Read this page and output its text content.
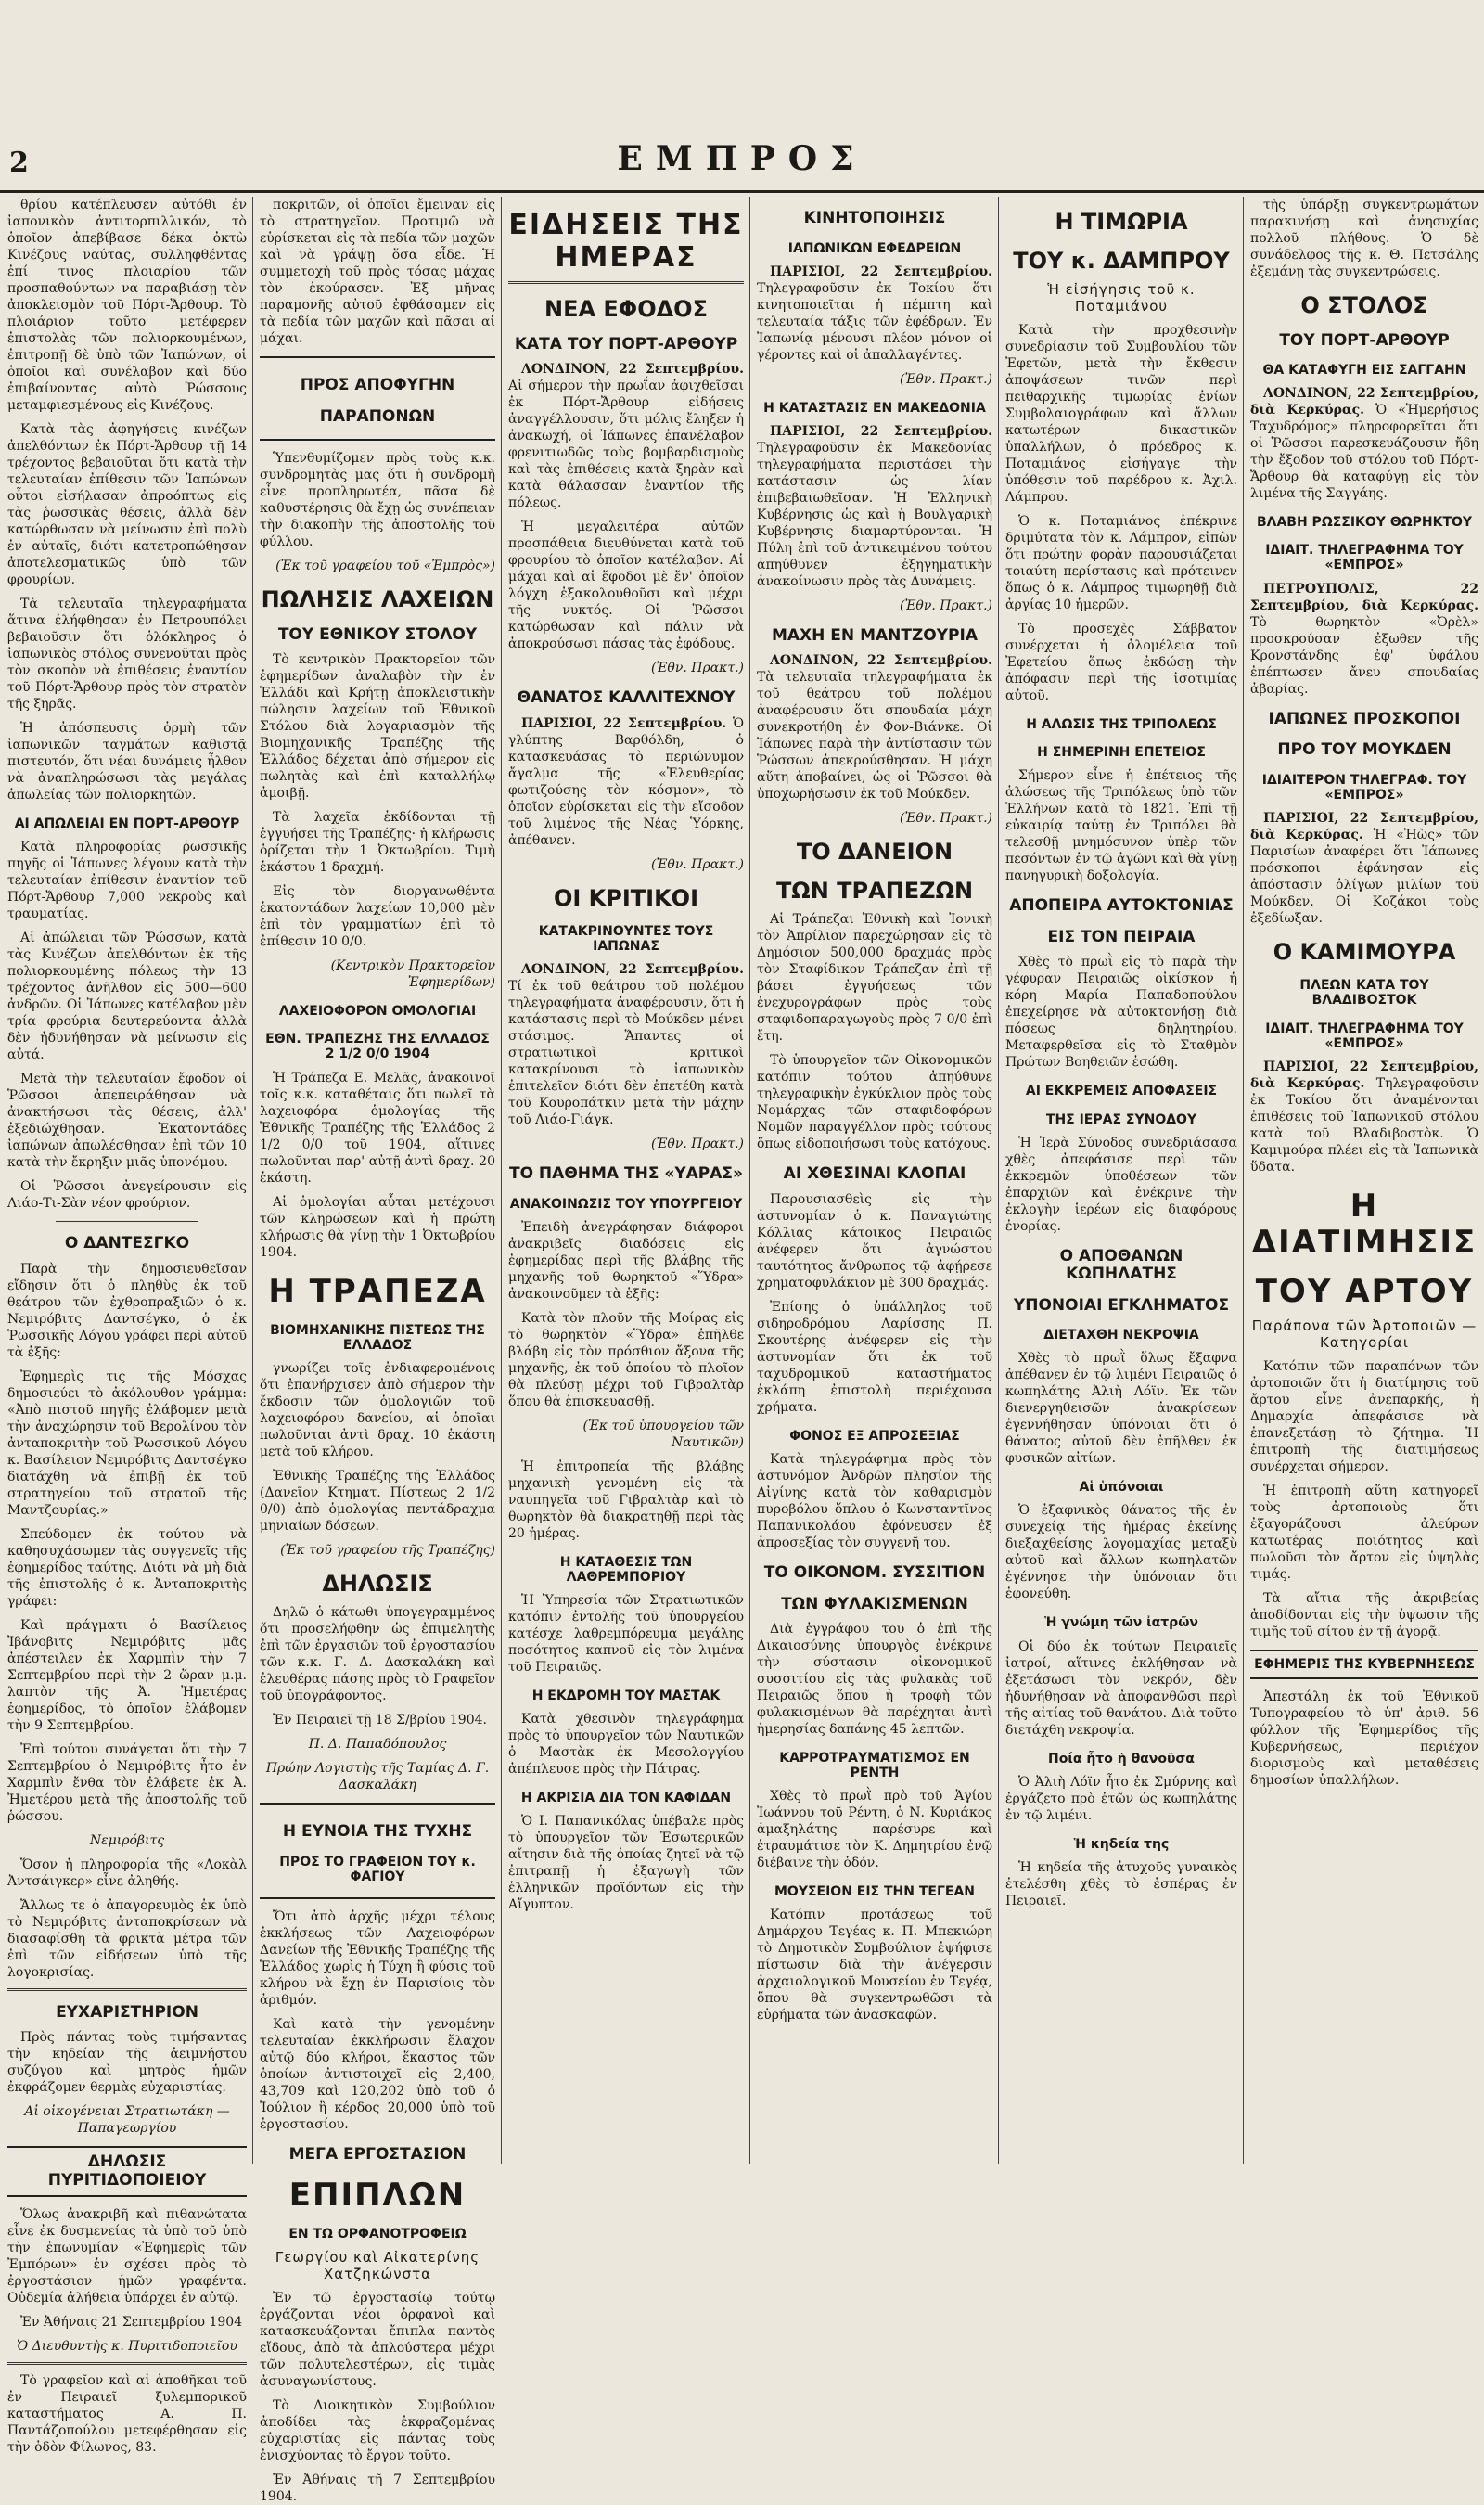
2	ΕΜΠΡΟΣ

θρίου κατέπλευσεν αὐτόθι ἐν ἰαπονικὸν ἀντιτορπιλλικόν, τὸ ὁποῖον ἀπεβίβασε δέκα ὀκτὼ Κινέζους ναύτας, συλληφθέντας ἐπί τινος πλοιαρίου τῶν προσπαθούντων να παραβιάσῃ τὸν ἀποκλεισμὸν τοῦ Πόρτ-Ἄρθουρ. Τὸ πλοιάριον τοῦτο μετέφερεν ἐπιστολὰς τῶν πολιορκουμένων, ἐπιτροπῇ δὲ ὑπὸ τῶν Ἰαπώνων, οἱ ὁποῖοι καὶ συνέλαβον καὶ δύο ἐπιβαίνοντας αὐτὸ Ῥώσσους μεταμφιεσμένους εἰς Κινέζους.

Κατὰ τὰς ἀφηγήσεις κινέζων ἀπελθόντων ἐκ Πόρτ-Ἄρθουρ τῇ 14 τρέχοντος βεβαιοῦται ὅτι κατὰ τὴν τελευταίαν ἐπίθεσιν τῶν Ἰαπώνων οὗτοι εἰσήλασαν ἀπροόπτως εἰς τὰς ῥωσσικὰς θέσεις, ἀλλὰ δὲν κατώρθωσαν νὰ μείνωσιν ἐπὶ πολὺ ἐν αὐταῖς, διότι κατετροπώθησαν ἀποτελεσματικῶς ὑπὸ τῶν φρουρίων.

Τὰ τελευταῖα τηλεγραφήματα ἅτινα ἐλήφθησαν ἐν Πετρουπόλει βεβαιοῦσιν ὅτι ὁλόκληρος ὁ ἰαπωνικὸς στόλος συνενοῦται πρὸς τὸν σκοπὸν νὰ ἐπιθέσεις ἐναντίον τοῦ Πόρτ-Ἄρθουρ πρὸς τὸν στρατὸν τῆς ξηρᾶς.

Ἡ ἀπόσπευσις ὁρμὴ τῶν ἰαπωνικῶν ταγμάτων καθιστᾷ πιστευτόν, ὅτι νέαι δυνάμεις ἦλθον νὰ ἀναπληρώσωσι τὰς μεγάλας ἀπωλείας τῶν πολιορκητῶν.

ΑΙ ΑΠΩΛΕΙΑΙ ΕΝ ΠΟΡΤ-ΑΡΘΟΥΡ

Κατὰ πληροφορίας ῥωσσικῆς πηγῆς οἱ Ἰάπωνες λέγουν κατὰ τὴν τελευταίαν ἐπίθεσιν ἐναντίον τοῦ Πόρτ-Ἄρθουρ 7,000 νεκροὺς καὶ τραυματίας.

Αἱ ἀπώλειαι τῶν Ῥώσσων, κατὰ τὰς Κινέζων ἀπελθόντων ἐκ τῆς πολιορκουμένης πόλεως τὴν 13 τρέχοντος ἀνῆλθον εἰς 500—600 ἀνδρῶν. Οἱ Ἰάπωνες κατέλαβον μὲν τρία φρούρια δευτερεύοντα ἀλλὰ δὲν ἠδυνήθησαν νὰ μείνωσιν εἰς αὐτά.

Μετὰ τὴν τελευταίαν ἔφοδον οἱ Ῥῶσσοι ἀπεπειράθησαν νὰ ἀνακτήσωσι τὰς θέσεις, ἀλλ' ἐξεδιώχθησαν. Ἐκατοντάδες ἰαπώνων ἀπωλέσθησαν ἐπὶ τῶν 10 κατὰ τὴν ἔκρηξιν μιᾶς ὑπονόμου.

Οἱ Ῥῶσσοι ἀνεγείρουσιν εἰς Λιάο-Τι-Σὰν νέον φρούριον.

Ο ΔΑΝΤΕΣΓΚΟ

Παρὰ τὴν δημοσιευθεῖσαν εἴδησιν ὅτι ὁ πληθὺς ἐκ τοῦ θεάτρου τῶν ἐχθροπραξιῶν ὁ κ. Νεμιρόβιτς Δαντσέγκο, ὁ ἐκ Ῥωσσικῆς Λόγου γράφει περὶ αὐτοῦ τὰ ἑξῆς:

Ἐφημερὶς τις τῆς Μόσχας δημοσιεύει τὸ ἀκόλουθον γράμμα: «Ἀπὸ πιστοῦ πηγῆς ἐλάβομεν μετὰ τὴν ἀναχώρησιν τοῦ Βερολίνου τὸν ἀνταποκριτὴν τοῦ Ῥωσσικοῦ Λόγου κ. Βασίλειον Νεμιρόβιτς Δαντσέγκο διατάχθη νὰ ἐπιβῇ ἐκ τοῦ στρατηγείου τοῦ στρατοῦ τῆς Μαντζουρίας.»

Σπεύδομεν ἐκ τούτου νὰ καθησυχάσωμεν τὰς συγγενεῖς τῆς ἐφημερίδος ταύτης. Διότι νὰ μὴ διὰ τῆς ἐπιστολῆς ὁ κ. Ἀνταποκριτὴς γράφει:

Καὶ πράγματι ὁ Βασίλειος Ἰβάνοβιτς Νεμιρόβιτς μᾶς ἀπέστειλεν ἐκ Χαρμπὶν τὴν 7 Σεπτεμβρίου περὶ τὴν 2 ὥραν μ.μ. λαπτὸν τῆς Ἀ. Ἠμετέρας ἐφημερίδος, τὸ ὁποῖον ἐλάβομεν τὴν 9 Σεπτεμβρίου.

Ἐπὶ τούτου συνάγεται ὅτι τὴν 7 Σεπτεμβρίου ὁ Νεμιρόβιτς ἦτο ἐν Χαρμπὶν ἔνθα τὸν ἐλάβετε ἐκ Ἀ. Ἠμετέρου μετὰ τῆς ἀποστολῆς τοῦ ῥώσσου.

Νεμιρόβιτς

Ὅσον ἡ πληροφορία τῆς «Λοκὰλ Ἀντσάιγκερ» εἶνε ἀληθής.

Ἄλλως τε ὁ ἀπαγορευμὸς ἐκ ὑπὸ τὸ Νεμιρόβιτς ἀνταποκρίσεων νὰ διασαφίσθη τὰ φρικτὰ μέτρα τῶν ἐπὶ τῶν εἰδήσεων ὑπὸ τῆς λογοκρισίας.

ΕΥΧΑΡΙΣΤΗΡΙΟΝ

Πρὸς πάντας τοὺς τιμήσαντας τὴν κηδείαν τῆς ἀειμνήστου συζύγου καὶ μητρὸς ἡμῶν ἐκφράζομεν θερμὰς εὐχαριστίας.

Αἱ οἰκογένειαι Στρατιωτάκη — Παπαγεωργίου
ΔΗΛΩΣΙΣ ΠΥΡΙΤΙΔΟΠΟΙΕΙΟΥ

Ὅλως ἀνακριβῆ καὶ πιθανώτατα εἶνε ἐκ δυσμενείας τὰ ὑπὸ τοῦ ὑπὸ τὴν ἐπωνυμίαν «Ἐφημερὶς τῶν Ἐμπόρων» ἐν σχέσει πρὸς τὸ ἐργοστάσιον ἡμῶν γραφέντα. Οὐδεμία ἀλήθεια ὑπάρχει ἐν αὐτῷ.

Ἐν Ἀθήναις 21 Σεπτεμβρίου 1904

Ὁ Διευθυντὴς κ. Πυριτιδοποιεῖου

Τὸ γραφεῖον καὶ αἱ ἀποθῆκαι τοῦ ἐν Πειραιεῖ ξυλεμπορικοῦ καταστήματος Α. Π. Παντάζοπούλου μετεφέρθησαν εἰς τὴν ὁδὸν Φίλωνος, 83.

ποκριτῶν, οἱ ὁποῖοι ἔμειναν εἰς τὸ στρατηγεῖον. Προτιμῶ νὰ εὑρίσκεται εἰς τὰ πεδία τῶν μαχῶν καὶ νὰ γράψῃ ὅσα εἶδε. Ἡ συμμετοχὴ τοῦ πρὸς τόσας μάχας τὸν ἐκούρασεν. Ἐξ μῆνας παραμονῆς αὐτοῦ ἐφθάσαμεν εἰς τὰ πεδία τῶν μαχῶν καὶ πᾶσαι αἱ μάχαι.

ΠΡΟΣ ΑΠΟΦΥΓΗΝ
ΠΑΡΑΠΟΝΩΝ

Ὑπενθυμίζομεν πρὸς τοὺς κ.κ. συνδρομητὰς μας ὅτι ἡ συνδρομὴ εἶνε προπληρωτέα, πᾶσα δὲ καθυστέρησις θὰ ἔχῃ ὡς συνέπειαν τὴν διακοπὴν τῆς ἀποστολῆς τοῦ φύλλου.

(Ἐκ τοῦ γραφείου τοῦ «Ἐμπρὸς»)
ΠΩΛΗΣΙΣ ΛΑΧΕΙΩΝ
ΤΟΥ ΕΘΝΙΚΟΥ ΣΤΟΛΟΥ

Τὸ κεντρικὸν Πρακτορεῖον τῶν ἐφημερίδων ἀναλαβὸν τὴν ἐν Ἑλλάδι καὶ Κρήτῃ ἀποκλειστικὴν πώλησιν λαχείων τοῦ Ἐθνικοῦ Στόλου διὰ λογαριασμὸν τῆς Βιομηχανικῆς Τραπέζης τῆς Ἑλλάδος δέχεται ἀπὸ σήμερον εἰς πωλητὰς καὶ ἐπὶ καταλλήλῳ ἀμοιβῇ.

Τὰ λαχεῖα ἐκδίδονται τῇ ἐγγυήσει τῆς Τραπέζης· ἡ κλήρωσις ὁρίζεται τὴν 1 Ὀκτωβρίου. Τιμὴ ἑκάστου 1 δραχμή.

Εἰς τὸν διοργανωθέντα ἑκατοντάδων λαχείων 10,000 μὲν ἐπὶ τὸν γραμματίων ἐπὶ τὸ ἐπίθεσιν 10 0/0.

(Κεντρικὸν Πρακτορεῖον Ἐφημερίδων)
ΛΑΧΕΙΟΦΟΡΟΝ ΟΜΟΛΟΓΙΑΙ
ΕΘΝ. ΤΡΑΠΕΖΗΣ ΤΗΣ ΕΛΛΑΔΟΣ 2 1/2 0/0 1904

Ἡ Τράπεζα Ε. Μελᾶς, ἀνακοινοῖ τοῖς κ.κ. καταθέταις ὅτι πωλεῖ τὰ λαχειοφόρα ὁμολογίας τῆς Ἐθνικῆς Τραπέζης τῆς Ἑλλάδος 2 1/2 0/0 τοῦ 1904, αἵτινες πωλοῦνται παρ' αὐτῇ ἀντὶ δραχ. 20 ἑκάστη.

Αἱ ὁμολογίαι αὗται μετέχουσι τῶν κληρώσεων καὶ ἡ πρώτη κλήρωσις θὰ γίνῃ τὴν 1 Ὀκτωβρίου 1904.

Η ΤΡΑΠΕΖΑ
ΒΙΟΜΗΧΑΝΙΚΗΣ ΠΙΣΤΕΩΣ ΤΗΣ ΕΛΛΑΔΟΣ

γνωρίζει τοῖς ἐνδιαφερομένοις ὅτι ἐπανήρχισεν ἀπὸ σήμερον τὴν ἔκδοσιν τῶν ὁμολογιῶν τοῦ λαχειοφόρου δανείου, αἱ ὁποῖαι πωλοῦνται ἀντὶ δραχ. 10 ἑκάστη μετὰ τοῦ κλήρου.

Ἐθνικῆς Τραπέζης τῆς Ἑλλάδος (Δανεῖον Κτηματ. Πίστεως 2 1/2 0/0) ἀπὸ ὁμολογίας πεντάδραχμα μηνιαίων δόσεων.

(Ἐκ τοῦ γραφείου τῆς Τραπέζης)
ΔΗΛΩΣΙΣ

Δηλῶ ὁ κάτωθι ὑπογεγραμμένος ὅτι προσελήφθην ὡς ἐπιμελητὴς ἐπὶ τῶν ἐργασιῶν τοῦ ἐργοστασίου τῶν κ.κ. Γ. Δ. Δασκαλάκη καὶ ἐλευθέρας πάσης πρὸς τὸ Γραφεῖον τοῦ ὑπογράφοντος.

Ἐν Πειραιεῖ τῇ 18 Σ/βρίου 1904.

Π. Δ. Παπαδόπουλος
Πρώην Λογιστὴς τῆς Ταμίας Δ. Γ. Δασκαλάκη
Η ΕΥΝΟΙΑ ΤΗΣ ΤΥΧΗΣ
ΠΡΟΣ ΤΟ ΓΡΑΦΕΙΟΝ ΤΟΥ κ. ΦΑΓΙΟΥ

Ὅτι ἀπὸ ἀρχῆς μέχρι τέλους ἐκκλήσεως τῶν Λαχειοφόρων Δανείων τῆς Ἐθνικῆς Τραπέζης τῆς Ἑλλάδος χωρὶς ἡ Τύχη ἢ φύσις τοῦ κλήρου νὰ ἔχῃ ἐν Παρισίοις τὸν ἀριθμόν.

Καὶ κατὰ τὴν γενομένην τελευταίαν ἐκκλήρωσιν ἔλαχον αὐτῷ δύο κλήροι, ἕκαστος τῶν ὁποίων ἀντιστοιχεῖ εἰς 2,400, 43,709 καὶ 120,202 ὑπὸ τοῦ ὁ Ἰούλιον ἢ κέρδος 20,000 ὑπὸ τοῦ ἐργοστασίου.

ΜΕΓΑ ΕΡΓΟΣΤΑΣΙΟΝ
ΕΠΙΠΛΩΝ
ΕΝ ΤΩ ΟΡΦΑΝΟΤΡΟΦΕΙΩ
Γεωργίου καὶ Αἰκατερίνης Χατζηκώνστα

Ἐν τῷ ἐργοστασίῳ τούτῳ ἐργάζονται νέοι ὀρφανοὶ καὶ κατασκευάζονται ἔπιπλα παντὸς εἴδους, ἀπὸ τὰ ἁπλούστερα μέχρι τῶν πολυτελεστέρων, εἰς τιμὰς ἀσυναγωνίστους.

Τὸ Διοικητικὸν Συμβούλιον ἀποδίδει τὰς ἐκφραζομένας εὐχαριστίας εἰς πάντας τοὺς ἐνισχύοντας τὸ ἔργον τοῦτο.

Ἐν Ἀθήναις τῇ 7 Σεπτεμβρίου 1904.

ΕΙΔΗΣΕΙΣ ΤΗΣ ΗΜΕΡΑΣ
ΝΕΑ ΕΦΟΔΟΣ
ΚΑΤΑ ΤΟΥ ΠΟΡΤ-ΑΡΘΟΥΡ

ΛΟΝΔΙΝΟΝ, 22 Σεπτεμβρίου. Αἱ σήμερον τὴν πρωΐαν ἀφιχθεῖσαι ἐκ Πόρτ-Ἄρθουρ εἰδήσεις ἀναγγέλλουσιν, ὅτι μόλις ἔληξεν ἡ ἀνακωχή, οἱ Ἰάπωνες ἐπανέλαβον φρενιτιωδῶς τοὺς βομβαρδισμοὺς καὶ τὰς ἐπιθέσεις κατὰ ξηρὰν καὶ κατὰ θάλασσαν ἐναντίον τῆς πόλεως.

Ἡ μεγαλειτέρα αὐτῶν προσπάθεια διευθύνεται κατὰ τοῦ φρουρίου τὸ ὁποῖον κατέλαβον. Αἱ μάχαι καὶ αἱ ἔφοδοι μὲ ἔν' ὁποῖον λόγχη ἐξακολουθοῦσι καὶ μέχρι τῆς νυκτός. Οἱ Ῥῶσσοι κατώρθωσαν καὶ πάλιν νὰ ἀποκρούσωσι πάσας τὰς ἐφόδους.

(Ἐθν. Πρακτ.)
ΘΑΝΑΤΟΣ ΚΑΛΛΙΤΕΧΝΟΥ

ΠΑΡΙΣΙΟΙ, 22 Σεπτεμβρίου. Ὁ γλύπτης Βαρθόλδη, ὁ κατασκευάσας τὸ περιώνυμον ἄγαλμα τῆς «Ἐλευθερίας φωτιζούσης τὸν κόσμον», τὸ ὁποῖον εὑρίσκεται εἰς τὴν εἴσοδον τοῦ λιμένος τῆς Νέας Ὑόρκης, ἀπέθανεν.

(Ἐθν. Πρακτ.)
ΟΙ ΚΡΙΤΙΚΟΙ
ΚΑΤΑΚΡΙΝΟΥΝΤΕΣ ΤΟΥΣ ΙΑΠΩΝΑΣ

ΛΟΝΔΙΝΟΝ, 22 Σεπτεμβρίου. Τί ἐκ τοῦ θεάτρου τοῦ πολέμου τηλεγραφήματα ἀναφέρουσιν, ὅτι ἡ κατάστασις περὶ τὸ Μούκδεν μένει στάσιμος. Ἅπαντες οἱ στρατιωτικοὶ κριτικοὶ κατακρίνουσι τὸ ἰαπωνικὸν ἐπιτελεῖον διότι δὲν ἐπετέθη κατὰ τοῦ Κουροπάτκιν μετὰ τὴν μάχην τοῦ Λιάο-Γιάγκ.

(Ἐθν. Πρακτ.)
ΤΟ ΠΑΘΗΜΑ ΤΗΣ «ΥΑΡΑΣ»
ΑΝΑΚΟΙΝΩΣΙΣ ΤΟΥ ΥΠΟΥΡΓΕΙΟΥ

Ἐπειδὴ ἀνεγράφησαν διάφοροι ἀνακριβεῖς διαδόσεις εἰς ἐφημερίδας περὶ τῆς βλάβης τῆς μηχανῆς τοῦ θωρηκτοῦ «Ὕδρα» ἀνακοινοῦμεν τὰ ἑξῆς:

Κατὰ τὸν πλοῦν τῆς Μοίρας εἰς τὸ θωρηκτὸν «Ὕδρα» ἐπῆλθε βλάβη εἰς τὸν πρόσθιον ἄξονα τῆς μηχανῆς, ἐκ τοῦ ὁποίου τὸ πλοῖον θὰ πλεύσῃ μέχρι τοῦ Γιβραλτὰρ ὅπου θὰ ἐπισκευασθῇ.

(Ἐκ τοῦ ὑπουργείου τῶν Ναυτικῶν)

Ἡ ἐπιτροπεία τῆς βλάβης μηχανικὴ γενομένη εἰς τὰ ναυπηγεῖα τοῦ Γιβραλτὰρ καὶ τὸ θωρηκτὸν θὰ διακρατηθῇ περὶ τὰς 20 ἡμέρας.

Η ΚΑΤΑΘΕΣΙΣ ΤΩΝ ΛΑΘΡΕΜΠΟΡΙΟΥ

Ἡ Ὑπηρεσία τῶν Στρατιωτικῶν κατόπιν ἐντολῆς τοῦ ὑπουργείου κατέσχε λαθρεμπόρευμα μεγάλης ποσότητος καπνοῦ εἰς τὸν λιμένα τοῦ Πειραιῶς.

Η ΕΚΔΡΟΜΗ ΤΟΥ ΜΑΣΤΑΚ

Κατὰ χθεσινὸν τηλεγράφημα πρὸς τὸ ὑπουργεῖον τῶν Ναυτικῶν ὁ Μαστὰκ ἐκ Μεσολογγίου ἀπέπλευσε πρὸς τὴν Πάτρας.

Η ΑΚΡΙΣΙΑ ΔΙΑ ΤΟΝ ΚΑΦΙΔΑΝ

Ὁ Ι. Παπανικόλας ὑπέβαλε πρὸς τὸ ὑπουργεῖον τῶν Ἐσωτερικῶν αἴτησιν διὰ τῆς ὁποίας ζητεῖ νὰ τῷ ἐπιτραπῇ ἡ ἐξαγωγὴ τῶν ἑλληνικῶν προϊόντων εἰς τὴν Αἴγυπτον.

ΚΙΝΗΤΟΠΟΙΗΣΙΣ
ΙΑΠΩΝΙΚΩΝ ΕΦΕΔΡΕΙΩΝ

ΠΑΡΙΣΙΟΙ, 22 Σεπτεμβρίου. Τηλεγραφοῦσιν ἐκ Τοκίου ὅτι κινητοποιεῖται ἡ πέμπτη καὶ τελευταία τάξις τῶν ἐφέδρων. Ἐν Ἰαπωνίᾳ μένουσι πλέον μόνον οἱ γέροντες καὶ οἱ ἀπαλλαγέντες.

(Ἐθν. Πρακτ.)
Η ΚΑΤΑΣΤΑΣΙΣ ΕΝ ΜΑΚΕΔΟΝΙΑ

ΠΑΡΙΣΙΟΙ, 22 Σεπτεμβρίου. Τηλεγραφοῦσιν ἐκ Μακεδονίας τηλεγραφήματα περιστάσει τὴν κατάστασιν ὡς λίαν ἐπιβεβαιωθεῖσαν. Ἡ Ἑλληνικὴ Κυβέρνησις ὡς καὶ ἡ Βουλγαρικὴ Κυβέρνησις διαμαρτύρονται. Ἡ Πύλη ἐπὶ τοῦ ἀντικειμένου τούτου ἀπηύθυνεν ἐξηγηματικὴν ἀνακοίνωσιν πρὸς τὰς Δυνάμεις.

(Ἐθν. Πρακτ.)
ΜΑΧΗ ΕΝ ΜΑΝΤΖΟΥΡΙΑ

ΛΟΝΔΙΝΟΝ, 22 Σεπτεμβρίου. Τὰ τελευταῖα τηλεγραφήματα ἐκ τοῦ θεάτρου τοῦ πολέμου ἀναφέρουσιν ὅτι σπουδαία μάχη συνεκροτήθη ἐν Φον-Βιάνκε. Οἱ Ἰάπωνες παρὰ τὴν ἀντίστασιν τῶν Ῥώσσων ἀπεκρούσθησαν. Ἡ μάχη αὕτη ἀποβαίνει, ὡς οἱ Ῥῶσσοι θὰ ὑποχωρήσωσιν ἐκ τοῦ Μούκδεν.

(Ἐθν. Πρακτ.)
ΤΟ ΔΑΝΕΙΟΝ
ΤΩΝ ΤΡΑΠΕΖΩΝ

Αἱ Τράπεζαι Ἐθνικὴ καὶ Ἰονικὴ τὸν Ἀπρίλιον παρεχώρησαν εἰς τὸ Δημόσιον 500,000 δραχμάς πρὸς τὸν Σταφίδικον Τράπεζαν ἐπὶ τῇ βάσει ἐγγυήσεως τῶν ἐνεχυρογράφων πρὸς τοὺς σταφιδοπαραγωγοὺς πρὸς 7 0/0 ἐπὶ ἔτη.

Τὸ ὑπουργεῖον τῶν Οἰκονομικῶν κατόπιν τούτου ἀπηύθυνε τηλεγραφικὴν ἐγκύκλιον πρὸς τοὺς Νομάρχας τῶν σταφιδοφόρων Νομῶν παραγγέλλον πρὸς τούτους ὅπως εἰδοποιήσωσι τοὺς κατόχους.

ΑΙ ΧΘΕΣΙΝΑΙ ΚΛΟΠΑΙ

Παρουσιασθεὶς εἰς τὴν ἀστυνομίαν ὁ κ. Παναγιώτης Κόλλιας κάτοικος Πειραιῶς ἀνέφερεν ὅτι ἀγνώστου ταυτότητος ἄνθρωπος τῷ ἀφῄρεσε χρηματοφυλάκιον μὲ 300 δραχμάς.

Ἐπίσης ὁ ὑπάλληλος τοῦ σιδηροδρόμου Λαρίσσης Π. Σκουτέρης ἀνέφερεν εἰς τὴν ἀστυνομίαν ὅτι ἐκ τοῦ ταχυδρομικοῦ καταστήματος ἐκλάπη ἐπιστολὴ περιέχουσα χρήματα.

ΦΟΝΟΣ ΕΞ ΑΠΡΟΣΕΞΙΑΣ

Κατὰ τηλεγράφημα πρὸς τὸν ἀστυνόμον Ἀνδρῶν πλησίον τῆς Αἰγίνης κατὰ τὸν καθαρισμὸν πυροβόλου ὅπλου ὁ Κωνσταντῖνος Παπανικολάου ἐφόνευσεν ἐξ ἀπροσεξίας τὸν συγγενῆ του.

ΤΟ ΟΙΚΟΝΟΜ. ΣΥΣΣΙΤΙΟΝ
ΤΩΝ ΦΥΛΑΚΙΣΜΕΝΩΝ

Διὰ ἐγγράφου του ὁ ἐπὶ τῆς Δικαιοσύνης ὑπουργὸς ἐνέκρινε τὴν σύστασιν οἰκονομικοῦ συσσιτίου εἰς τὰς φυλακὰς τοῦ Πειραιῶς ὅπου ἡ τροφὴ τῶν φυλακισμένων θὰ παρέχηται ἀντὶ ἡμερησίας δαπάνης 45 λεπτῶν.

ΚΑΡΡΟΤΡΑΥΜΑΤΙΣΜΟΣ ΕΝ ΡΕΝΤΗ

Χθὲς τὸ πρωῒ πρὸ τοῦ Ἁγίου Ἰωάννου τοῦ Ρέντη, ὁ Ν. Κυριάκος ἀμαξηλάτης παρέσυρε καὶ ἐτραυμάτισε τὸν Κ. Δημητρίου ἐνῷ διέβαινε τὴν ὁδόν.

ΜΟΥΣΕΙΟΝ ΕΙΣ ΤΗΝ ΤΕΓΕΑΝ

Κατόπιν προτάσεως τοῦ Δημάρχου Τεγέας κ. Π. Μπεκιώρη τὸ Δημοτικὸν Συμβούλιον ἐψήφισε πίστωσιν διὰ τὴν ἀνέγερσιν ἀρχαιολογικοῦ Μουσείου ἐν Τεγέᾳ, ὅπου θὰ συγκεντρωθῶσι τὰ εὑρήματα τῶν ἀνασκαφῶν.

Η ΤΙΜΩΡΙΑ
ΤΟΥ κ. ΔΑΜΠΡΟΥ
Ἡ εἰσήγησις τοῦ κ. Ποταμιάνου

Κατὰ τὴν προχθεσινὴν συνεδρίασιν τοῦ Συμβουλίου τῶν Ἐφετῶν, μετὰ τὴν ἔκθεσιν ἀποψάσεων τινῶν περὶ πειθαρχικῆς τιμωρίας ἐνίων Συμβολαιογράφων καὶ ἄλλων κατωτέρων δικαστικῶν ὑπαλλήλων, ὁ πρόεδρος κ. Ποταμιάνος εἰσήγαγε τὴν ὑπόθεσιν τοῦ παρέδρου κ. Ἀχιλ. Λάμπρου.

Ὁ κ. Ποταμιάνος ἐπέκρινε δριμύτατα τὸν κ. Λάμπρον, εἰπὼν ὅτι πρώτην φορὰν παρουσιάζεται τοιαύτη περίστασις καὶ πρότεινεν ὅπως ὁ κ. Λάμπρος τιμωρηθῇ διὰ ἀργίας 10 ἡμερῶν.

Τὸ προσεχὲς Σάββατον συνέρχεται ἡ ὁλομέλεια τοῦ Ἐφετείου ὅπως ἐκδώσῃ τὴν ἀπόφασιν περὶ τῆς ἰσοτιμίας αὐτοῦ.

Η ΑΛΩΣΙΣ ΤΗΣ ΤΡΙΠΟΛΕΩΣ
Η ΣΗΜΕΡΙΝΗ ΕΠΕΤΕΙΟΣ

Σήμερον εἶνε ἡ ἐπέτειος τῆς ἁλώσεως τῆς Τριπόλεως ὑπὸ τῶν Ἑλλήνων κατὰ τὸ 1821. Ἐπὶ τῇ εὐκαιρίᾳ ταύτῃ ἐν Τριπόλει θὰ τελεσθῇ μνημόσυνον ὑπὲρ τῶν πεσόντων ἐν τῷ ἀγῶνι καὶ θὰ γίνῃ πανηγυρικὴ δοξολογία.

ΑΠΟΠΕΙΡΑ ΑΥΤΟΚΤΟΝΙΑΣ
ΕΙΣ ΤΟΝ ΠΕΙΡΑΙΑ

Χθὲς τὸ πρωῒ εἰς τὸ παρὰ τὴν γέφυραν Πειραιῶς οἰκίσκον ἡ κόρη Μαρία Παπαδοπούλου ἐπεχείρησε νὰ αὐτοκτονήσῃ διὰ πόσεως δηλητηρίου. Μεταφερθεῖσα εἰς τὸ Σταθμὸν Πρώτων Βοηθειῶν ἐσώθη.

ΑΙ ΕΚΚΡΕΜΕΙΣ ΑΠΟΦΑΣΕΙΣ
ΤΗΣ ΙΕΡΑΣ ΣΥΝΟΔΟΥ

Ἡ Ἱερὰ Σύνοδος συνεδριάσασα χθὲς ἀπεφάσισε περὶ τῶν ἐκκρεμῶν ὑποθέσεων τῶν ἐπαρχιῶν καὶ ἐνέκρινε τὴν ἐκλογὴν ἱερέων εἰς διαφόρους ἐνορίας.

Ο ΑΠΟΘΑΝΩΝ ΚΩΠΗΛΑΤΗΣ
ΥΠΟΝΟΙΑΙ ΕΓΚΛΗΜΑΤΟΣ
ΔΙΕΤΑΧΘΗ ΝΕΚΡΟΨΙΑ

Χθὲς τὸ πρωῒ ὅλως ἔξαφνα ἀπέθανεν ἐν τῷ λιμένι Πειραιῶς ὁ κωπηλάτης Ἀλιὴ Λόϊν. Ἐκ τῶν διενεργηθεισῶν ἀνακρίσεων ἐγεννήθησαν ὑπόνοιαι ὅτι ὁ θάνατος αὐτοῦ δὲν ἐπῆλθεν ἐκ φυσικῶν αἰτίων.

Αἱ ὑπόνοιαι

Ὁ ἐξαφνικὸς θάνατος τῆς ἐν συνεχείᾳ τῆς ἡμέρας ἐκείνης διεξαχθείσης λογομαχίας μεταξὺ αὐτοῦ καὶ ἄλλων κωπηλατῶν ἐγέννησε τὴν ὑπόνοιαν ὅτι ἐφονεύθη.

Ἡ γνώμη τῶν ἰατρῶν

Οἱ δύο ἐκ τούτων Πειραιεῖς ἰατροί, αἵτινες ἐκλήθησαν νὰ ἐξετάσωσι τὸν νεκρόν, δὲν ἠδυνήθησαν νὰ ἀποφανθῶσι περὶ τῆς αἰτίας τοῦ θανάτου. Διὰ τοῦτο διετάχθη νεκροψία.

Ποία ἦτο ἡ θανοῦσα

Ὁ Ἀλιὴ Λόϊν ἦτο ἐκ Σμύρνης καὶ ἐργάζετο πρὸ ἐτῶν ὡς κωπηλάτης ἐν τῷ λιμένι.

Ἡ κηδεία της

Ἡ κηδεία τῆς ἀτυχοῦς γυναικὸς ἐτελέσθη χθὲς τὸ ἑσπέρας ἐν Πειραιεῖ.

τὴς ὑπάρξῃ συγκεντρωμάτων παρακινήσῃ καὶ ἀνησυχίας πολλοῦ πλήθους. Ὁ δὲ συνάδελφος τῆς κ. Θ. Πετσάλης ἐξεμάνῃ τὰς συγκεντρώσεις.

Ο ΣΤΟΛΟΣ
ΤΟΥ ΠΟΡΤ-ΑΡΘΟΥΡ
ΘΑ ΚΑΤΑΦΥΓΗ ΕΙΣ ΣΑΓΓΑΗΝ

ΛΟΝΔΙΝΟΝ, 22 Σεπτεμβρίου, διὰ Κερκύρας. Ὁ «Ἡμερήσιος Ταχυδρόμος» πληροφορεῖται ὅτι οἱ Ῥῶσσοι παρεσκευάζουσιν ἤδη τὴν ἔξοδον τοῦ στόλου τοῦ Πόρτ-Ἄρθουρ θὰ καταφύγῃ εἰς τὸν λιμένα τῆς Σαγγάης.

ΒΛΑΒΗ ΡΩΣΣΙΚΟΥ ΘΩΡΗΚΤΟΥ
ΙΔΙΑΙΤ. ΤΗΛΕΓΡΑΦΗΜΑ ΤΟΥ «ΕΜΠΡΟΣ»

ΠΕΤΡΟΥΠΟΛΙΣ, 22 Σεπτεμβρίου, διὰ Κερκύρας. Τὸ θωρηκτὸν «Ὀρὲλ» προσκρούσαν ἐξωθεν τῆς Κρονστάνδης ἐφ' ὑφάλου ἐπέπτωσεν ἄνευ σπουδαίας ἀβαρίας.

ΙΑΠΩΝΕΣ ΠΡΟΣΚΟΠΟΙ
ΠΡΟ ΤΟΥ ΜΟΥΚΔΕΝ
ΙΔΙΑΙΤΕΡΟΝ ΤΗΛΕΓΡΑΦ. ΤΟΥ «ΕΜΠΡΟΣ»

ΠΑΡΙΣΙΟΙ, 22 Σεπτεμβρίου, διὰ Κερκύρας. Ἡ «Ἠὼς» τῶν Παρισίων ἀναφέρει ὅτι Ἰάπωνες πρόσκοποι ἐφάνησαν εἰς ἀπόστασιν ὀλίγων μιλίων τοῦ Μούκδεν. Οἱ Κοζάκοι τοὺς ἐξεδίωξαν.

Ο ΚΑΜΙΜΟΥΡΑ
ΠΛΕΩΝ ΚΑΤΑ ΤΟΥ ΒΛΑΔΙΒΟΣΤΟΚ
ΙΔΙΑΙΤ. ΤΗΛΕΓΡΑΦΗΜΑ ΤΟΥ «ΕΜΠΡΟΣ»

ΠΑΡΙΣΙΟΙ, 22 Σεπτεμβρίου, διὰ Κερκύρας. Τηλεγραφοῦσιν ἐκ Τοκίου ὅτι ἀναμένονται ἐπιθέσεις τοῦ Ἰαπωνικοῦ στόλου κατὰ τοῦ Βλαδιβοστὸκ. Ὁ Καμιμούρα πλέει εἰς τὰ Ἰαπωνικὰ ὕδατα.

Η ΔΙΑΤΙΜΗΣΙΣ
ΤΟΥ ΑΡΤΟΥ
Παράπονα τῶν Ἀρτοποιῶν — Κατηγορίαι

Κατόπιν τῶν παραπόνων τῶν ἀρτοποιῶν ὅτι ἡ διατίμησις τοῦ ἄρτου εἶνε ἀνεπαρκής, ἡ Δημαρχία ἀπεφάσισε νὰ ἐπανεξετάσῃ τὸ ζήτημα. Ἡ ἐπιτροπὴ τῆς διατιμήσεως συνέρχεται σήμερον.

Ἡ ἐπιτροπὴ αὕτη κατηγορεῖ τοὺς ἀρτοποιοὺς ὅτι ἐξαγοράζουσι ἀλεύρων κατωτέρας ποιότητος καὶ πωλοῦσι τὸν ἄρτον εἰς ὑψηλὰς τιμάς.

Τὰ αἴτια τῆς ἀκριβείας ἀποδίδονται εἰς τὴν ὑψωσιν τῆς τιμῆς τοῦ σίτου ἐν τῇ ἀγορᾷ.

ΕΦΗΜΕΡΙΣ ΤΗΣ ΚΥΒΕΡΝΗΣΕΩΣ

Ἀπεστάλη ἐκ τοῦ Ἐθνικοῦ Τυπογραφείου τὸ ὑπ' ἀριθ. 56 φύλλον τῆς Ἐφημερίδος τῆς Κυβερνήσεως, περιέχον διορισμοὺς καὶ μεταθέσεις δημοσίων ὑπαλλήλων.
